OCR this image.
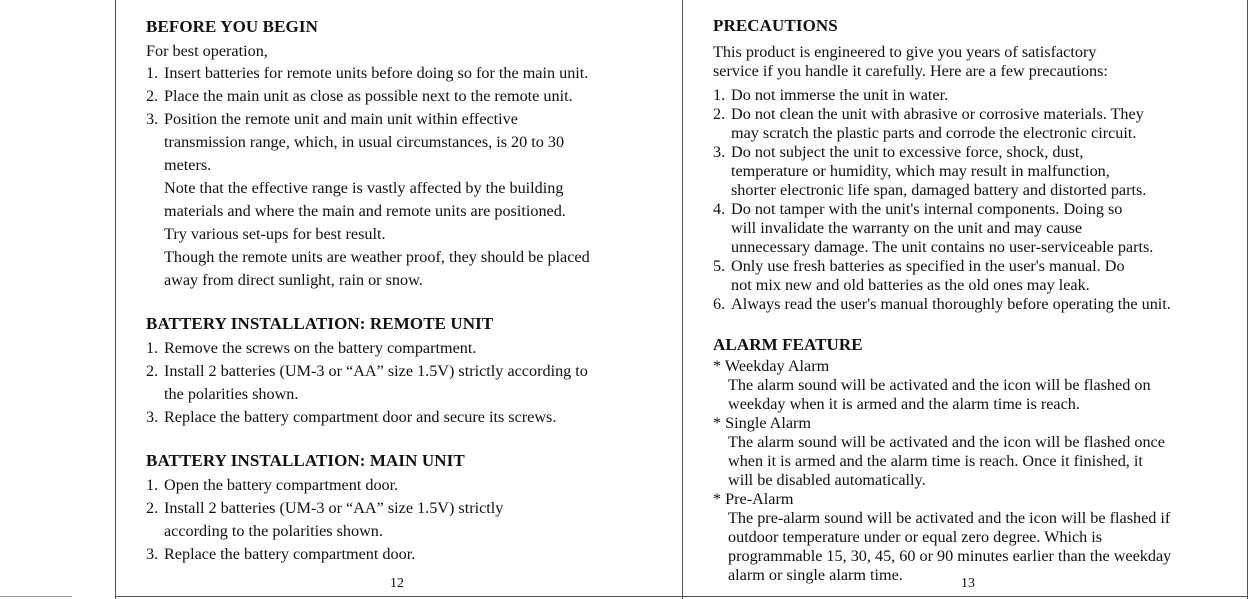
BEFORE YOU BEGIN
For best operation,
1. Insert batteries for remote units before doing so for the main unit.
2. Place the main unit as close as possible next to the remote unit.
3. Position the remote unit and main unit within effective
transmission range, which, in usual circumstances, is 20 to 30
meters.
Note that the effective range is vastly affected by the building
materials and where the main and remote units are positioned.
Try various set-ups for best result.
Though the remote units are weather proof, they should be placed
away from direct sunlight, rain or snow.
BATTERY INSTALLATION: REMOTE UNIT
1. Remove the screws on the battery compartment.
2. Install 2 batteries (UM-3 or “AA” size 1.5V) strictly according to
the polarities shown.
3. Replace the battery compartment door and secure its screws.
BATTERY INSTALLATION: MAIN UNIT
1. Open the battery compartment door.
2. Install 2 batteries (UM-3 or “AA” size 1.5V) strictly
according to the polarities shown.
3. Replace the battery compartment door.
12
PRECAUTIONS
This product is engineered to give you years of satisfactory
service if you handle it carefully. Here are a few precautions:
1. Do not immerse the unit in water.
2. Do not clean the unit with abrasive or corrosive materials. They
may scratch the plastic parts and corrode the electronic circuit.
3. Do not subject the unit to excessive force, shock, dust,
temperature or humidity, which may result in malfunction,
shorter electronic life span, damaged battery and distorted parts.
4. Do not tamper with the unit's internal components. Doing so
will invalidate the warranty on the unit and may cause
unnecessary damage. The unit contains no user-serviceable parts.
5. Only use fresh batteries as specified in the user's manual. Do
not mix new and old batteries as the old ones may leak.
6. Always read the user's manual thoroughly before operating the unit.
ALARM FEATURE
* Weekday Alarm
The alarm sound will be activated and the icon will be flashed on
weekday when it is armed and the alarm time is reach.
* Single Alarm
The alarm sound will be activated and the icon will be flashed once
when it is armed and the alarm time is reach. Once it finished, it
will be disabled automatically.
* Pre-Alarm
The pre-alarm sound will be activated and the icon will be flashed if
outdoor temperature under or equal zero degree. Which is
programmable 15, 30, 45, 60 or 90 minutes earlier than the weekday
alarm or single alarm time.	13
